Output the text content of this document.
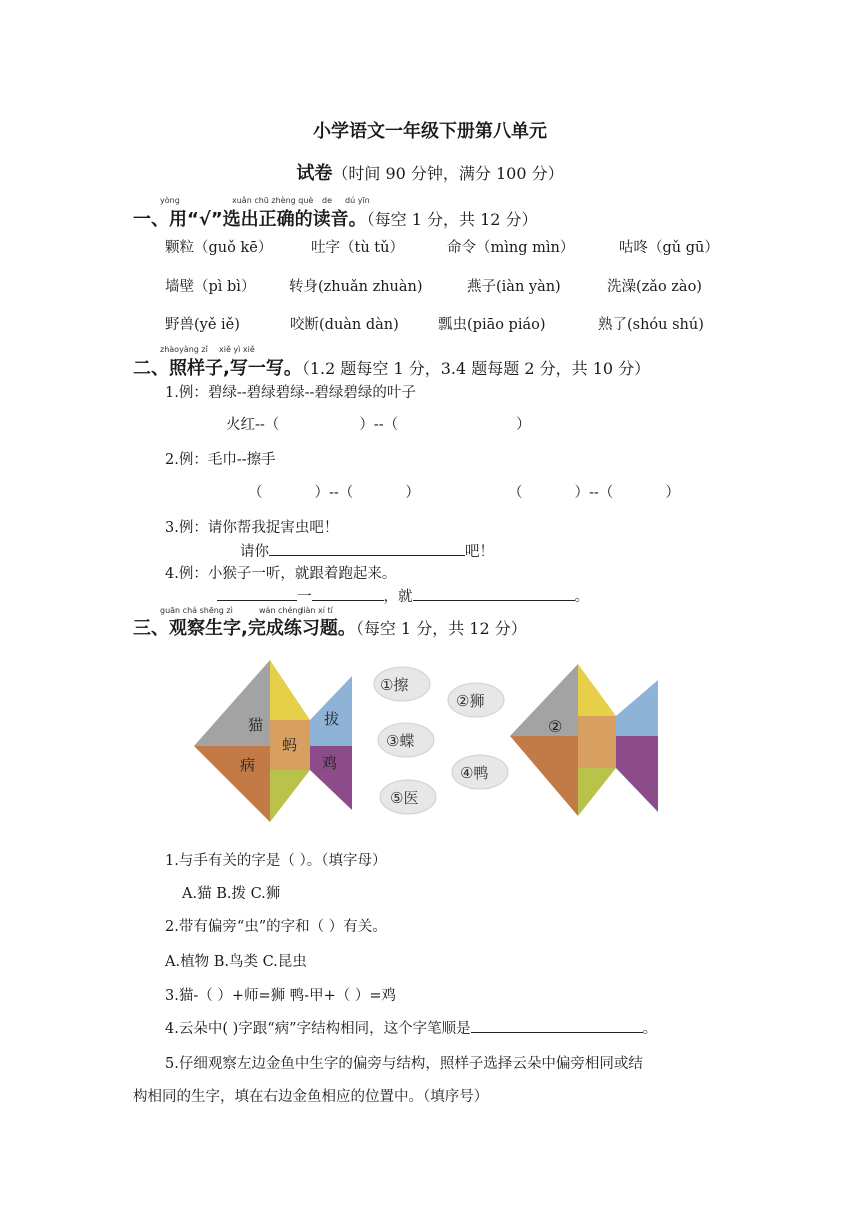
小学语文一年级下册第八单元
试卷（时间 90 分钟，满分 100 分）
yòng	xuǎn chū zhèng què de dú yīn
一、用“√”选出正确的读音。（每空 1 分，共 12 分）
颗粒（guǒ kē）	吐字（tù tǔ）	命令（mìng mìn）	咕咚（gǔ gū）
墙壁（pì bì） 转身(zhuǎn zhuàn)	燕子(iàn yàn)	洗澡(zǎo zào)
野兽(yě iě)	咬断(duàn dàn)	瓢虫(piāo piáo)	熟了(shóu shú)
zhàoyàng zǐ xiě yì xiě
二、照样子,写一写。（1.2 题每空 1 分，3.4 题每题 2 分，共 10 分）
1.例：碧绿--碧绿碧绿--碧绿碧绿的叶子
火红--（	）--（	）
2.例：毛巾--擦手
（	）--（	）	（	）--（	）
3.例：请你帮我捉害虫吧！
请你	吧！
4.例：小猴子一听，就跟着跑起来。
一	，就	。
guān chá shēng zì	wán chéng
liàn xí tí
三、观察生字,完成练习题。（每空 1 分，共 12 分）
猫
病
蚂
拔
鸡
①擦
②狮
③蝶
④鸭
⑤医
②
1.与手有关的字是（ ）。（填字母）
A.猫 B.拨 C.狮
2.带有偏旁“虫”的字和（ ）有关。
A.植物 B.鸟类 C.昆虫
3.猫-（ ）+师=狮 鸭-甲+（ ）=鸡
4.云朵中( )字跟“病”字结构相同，这个字笔顺是	。
5.仔细观察左边金鱼中生字的偏旁与结构，照样子选择云朵中偏旁相同或结
构相同的生字，填在右边金鱼相应的位置中。（填序号）
